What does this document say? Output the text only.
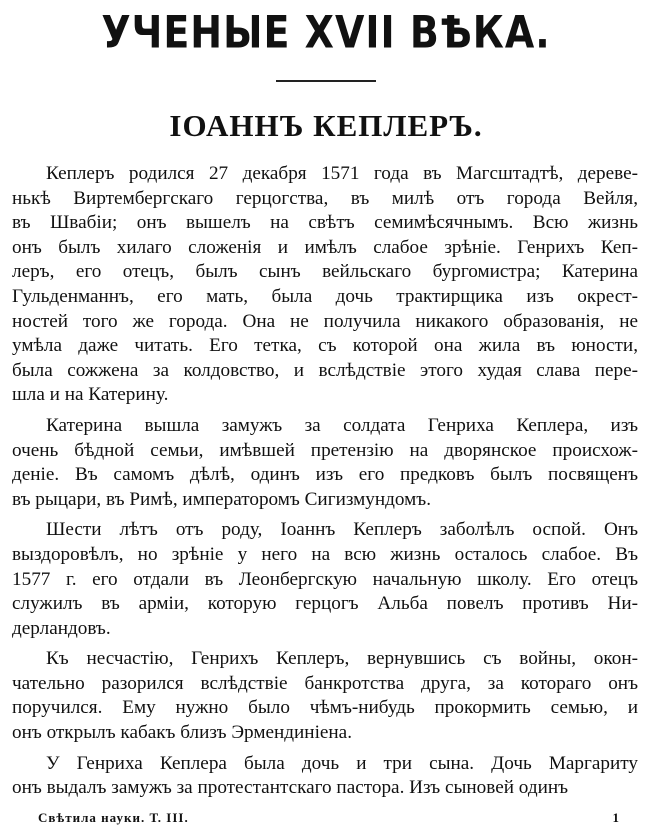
УЧЕНЫЕ XVII ВѢКА.
IОАННЪ КЕПЛЕРЪ.
Кеплеръ родился 27 декабря 1571 года въ Магсштадтѣ, дереве-
нькѣ Виртембергскаго герцогства, въ милѣ отъ города Вейля,
въ Швабіи; онъ вышелъ на свѣтъ семимѣсячнымъ. Всю жизнь
онъ былъ хилаго сложенія и имѣлъ слабое зрѣніе. Генрихъ Кеп-
леръ, его отецъ, былъ сынъ вейльскаго бургомистра; Катерина
Гульденманнъ, его мать, была дочь трактирщика изъ окрест-
ностей того же города. Она не получила никакого образованія, не
умѣла даже читать. Его тетка, съ которой она жила въ юности,
была сожжена за колдовство, и вслѣдствіе этого худая слава пере-
шла и на Катерину.
Катерина вышла замужъ за солдата Генриха Кеплера, изъ
очень бѣдной семьи, имѣвшей претензію на дворянское происхож-
деніе. Въ самомъ дѣлѣ, одинъ изъ его предковъ былъ посвященъ
въ рыцари, въ Римѣ, императоромъ Сигизмундомъ.
Шести лѣтъ отъ роду, Іоаннъ Кеплеръ заболѣлъ оспой. Онъ
выздоровѣлъ, но зрѣніе у него на всю жизнь осталось слабое. Въ
1577 г. его отдали въ Леонбергскую начальную школу. Его отецъ
служилъ въ арміи, которую герцогъ Альба повелъ противъ Ни-
дерландовъ.
Къ несчастію, Генрихъ Кеплеръ, вернувшись съ войны, окон-
чательно разорился вслѣдствіе банкротства друга, за котораго онъ
поручился. Ему нужно было чѣмъ-нибудь прокормить семью, и
онъ открылъ кабакъ близъ Эрмендиніена.
У Генриха Кеплера была дочь и три сына. Дочь Маргариту
онъ выдалъ замужъ за протестантскаго пастора. Изъ сыновей одинъ
Свѣтила науки. Т. III.	1
